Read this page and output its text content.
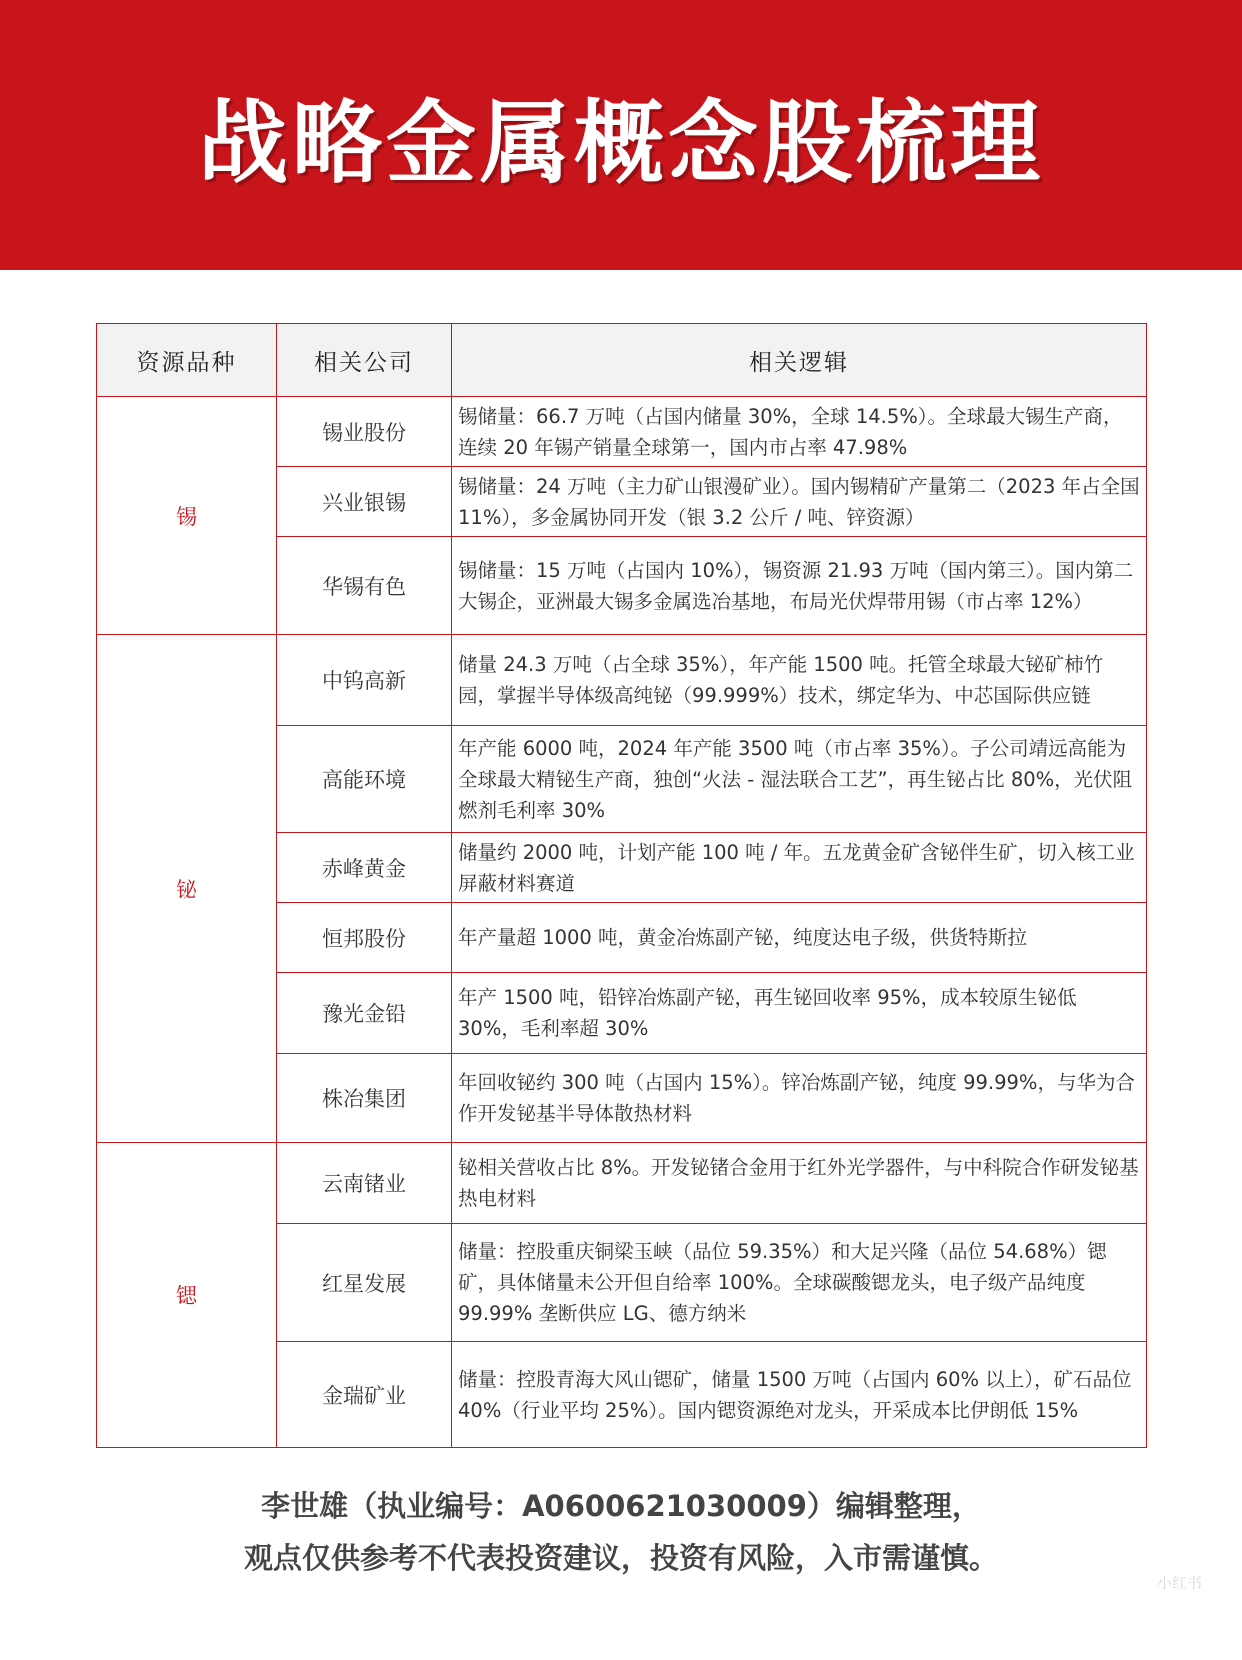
战略金属概念股梳理
资源品种	相关公司	相关逻辑
锡	锡业股份	锡储量：66.7 万吨（占国内储量 30%，全球 14.5%）。全球最大锡生产商，连续 20 年锡产销量全球第一，国内市占率 47.98%
	兴业银锡	锡储量：24 万吨（主力矿山银漫矿业）。国内锡精矿产量第二（2023 年占全国 11%），多金属协同开发（银 3.2 公斤 / 吨、锌资源）
	华锡有色	锡储量：15 万吨（占国内 10%），锡资源 21.93 万吨（国内第三）。国内第二大锡企，亚洲最大锡多金属选冶基地，布局光伏焊带用锡（市占率 12%）
铋	中钨高新	储量 24.3 万吨（占全球 35%），年产能 1500 吨。托管全球最大铋矿柿竹园，掌握半导体级高纯铋（99.999%）技术，绑定华为、中芯国际供应链
	高能环境	年产能 6000 吨，2024 年产能 3500 吨（市占率 35%）。子公司靖远高能为全球最大精铋生产商，独创“火法 - 湿法联合工艺”，再生铋占比 80%，光伏阻燃剂毛利率 30%
	赤峰黄金	储量约 2000 吨，计划产能 100 吨 / 年。五龙黄金矿含铋伴生矿，切入核工业屏蔽材料赛道
	恒邦股份	年产量超 1000 吨，黄金冶炼副产铋，纯度达电子级，供货特斯拉
	豫光金铅	年产 1500 吨，铅锌冶炼副产铋，再生铋回收率 95%，成本较原生铋低 30%，毛利率超 30%
	株冶集团	年回收铋约 300 吨（占国内 15%）。锌冶炼副产铋，纯度 99.99%，与华为合作开发铋基半导体散热材料
锶	云南锗业	铋相关营收占比 8%。开发铋锗合金用于红外光学器件，与中科院合作研发铋基热电材料
	红星发展	储量：控股重庆铜梁玉峡（品位 59.35%）和大足兴隆（品位 54.68%）锶矿，具体储量未公开但自给率 100%。全球碳酸锶龙头，电子级产品纯度 99.99% 垄断供应 LG、德方纳米
	金瑞矿业	储量：控股青海大风山锶矿，储量 1500 万吨（占国内 60% 以上），矿石品位 40%（行业平均 25%）。国内锶资源绝对龙头，开采成本比伊朗低 15%
李世雄（执业编号：A0600621030009）编辑整理，
观点仅供参考不代表投资建议，投资有风险，入市需谨慎。
小红书
